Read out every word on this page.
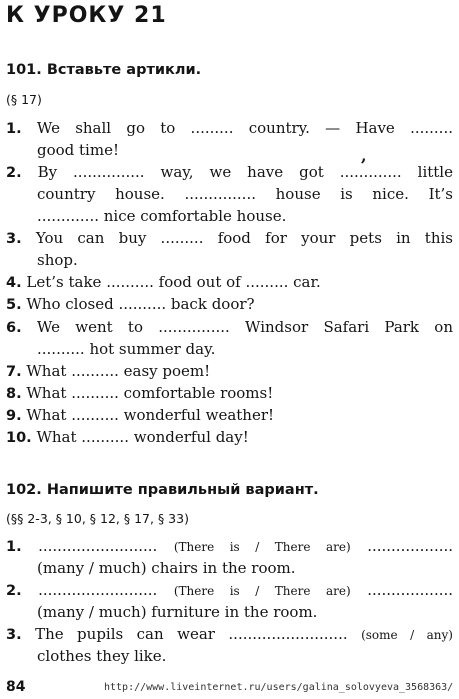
К УРОКУ 21
101. Вставьте артикли.
(§ 17)
1. We shall go to ......... country. — Have .........
good time!	,
2. By ............... way, we have got ............. little
country house. ............... house is nice. It’s
............. nice comfortable house.
3. You can buy ......... food for your pets in this
shop.
4. Let’s take .......... food out of ......... car.
5. Who closed .......... back door?
6. We went to ............... Windsor Safari Park on
.......... hot summer day.
7. What .......... easy poem!
8. What .......... comfortable rooms!
9. What .......... wonderful weather!
10. What .......... wonderful day!
102. Напишите правильный вариант.
(§§ 2-3, § 10, § 12, § 17, § 33)
1. ......................... (There is / There are) ..................
(many / much) chairs in the room.
2. ......................... (There is / There are) ..................
(many / much) furniture in the room.
3. The pupils can wear ......................... (some / any)
clothes they like.
84	http://www.liveinternet.ru/users/galina_solovyeva_3568363/
